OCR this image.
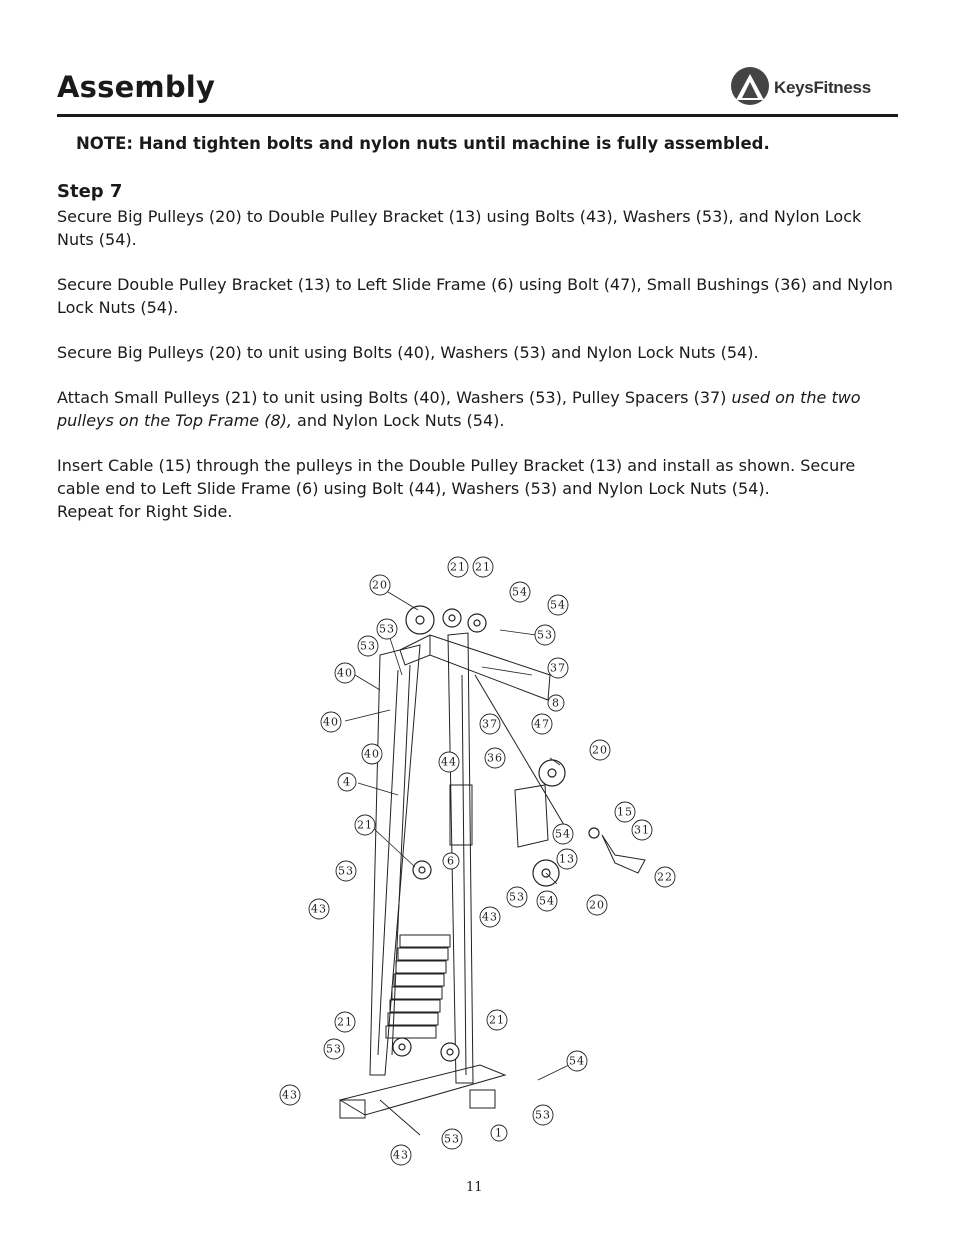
Assembly	KeysFitness
NOTE: Hand tighten bolts and nylon nuts until machine is fully assembled.
Step 7
Secure Big Pulleys (20) to Double Pulley Bracket (13) using Bolts (43), Washers (53), and Nylon Lock Nuts (54).
Secure Double Pulley Bracket (13) to Left Slide Frame (6) using Bolt (47), Small Bushings (36) and Nylon Lock Nuts (54).
Secure Big Pulleys (20) to unit using Bolts (40), Washers (53) and Nylon Lock Nuts (54).
Attach Small Pulleys (21) to unit using Bolts (40), Washers (53), Pulley Spacers (37) used on the two pulleys on the Top Frame (8), and Nylon Lock Nuts (54).
Insert Cable (15) through the pulleys in the Double Pulley Bracket (13) and install as shown. Secure cable end to Left Slide Frame (6) using Bolt (44), Washers (53) and Nylon Lock Nuts (54).
Repeat for Right Side.
20
21 21
54
54
53	53
53
37
40
8
40	37	47
40	36
20
44
4
15
31
21
6
54
13
22
53
53 54	20
43
43
21	21
53
54
43
53
53	1
43
11
